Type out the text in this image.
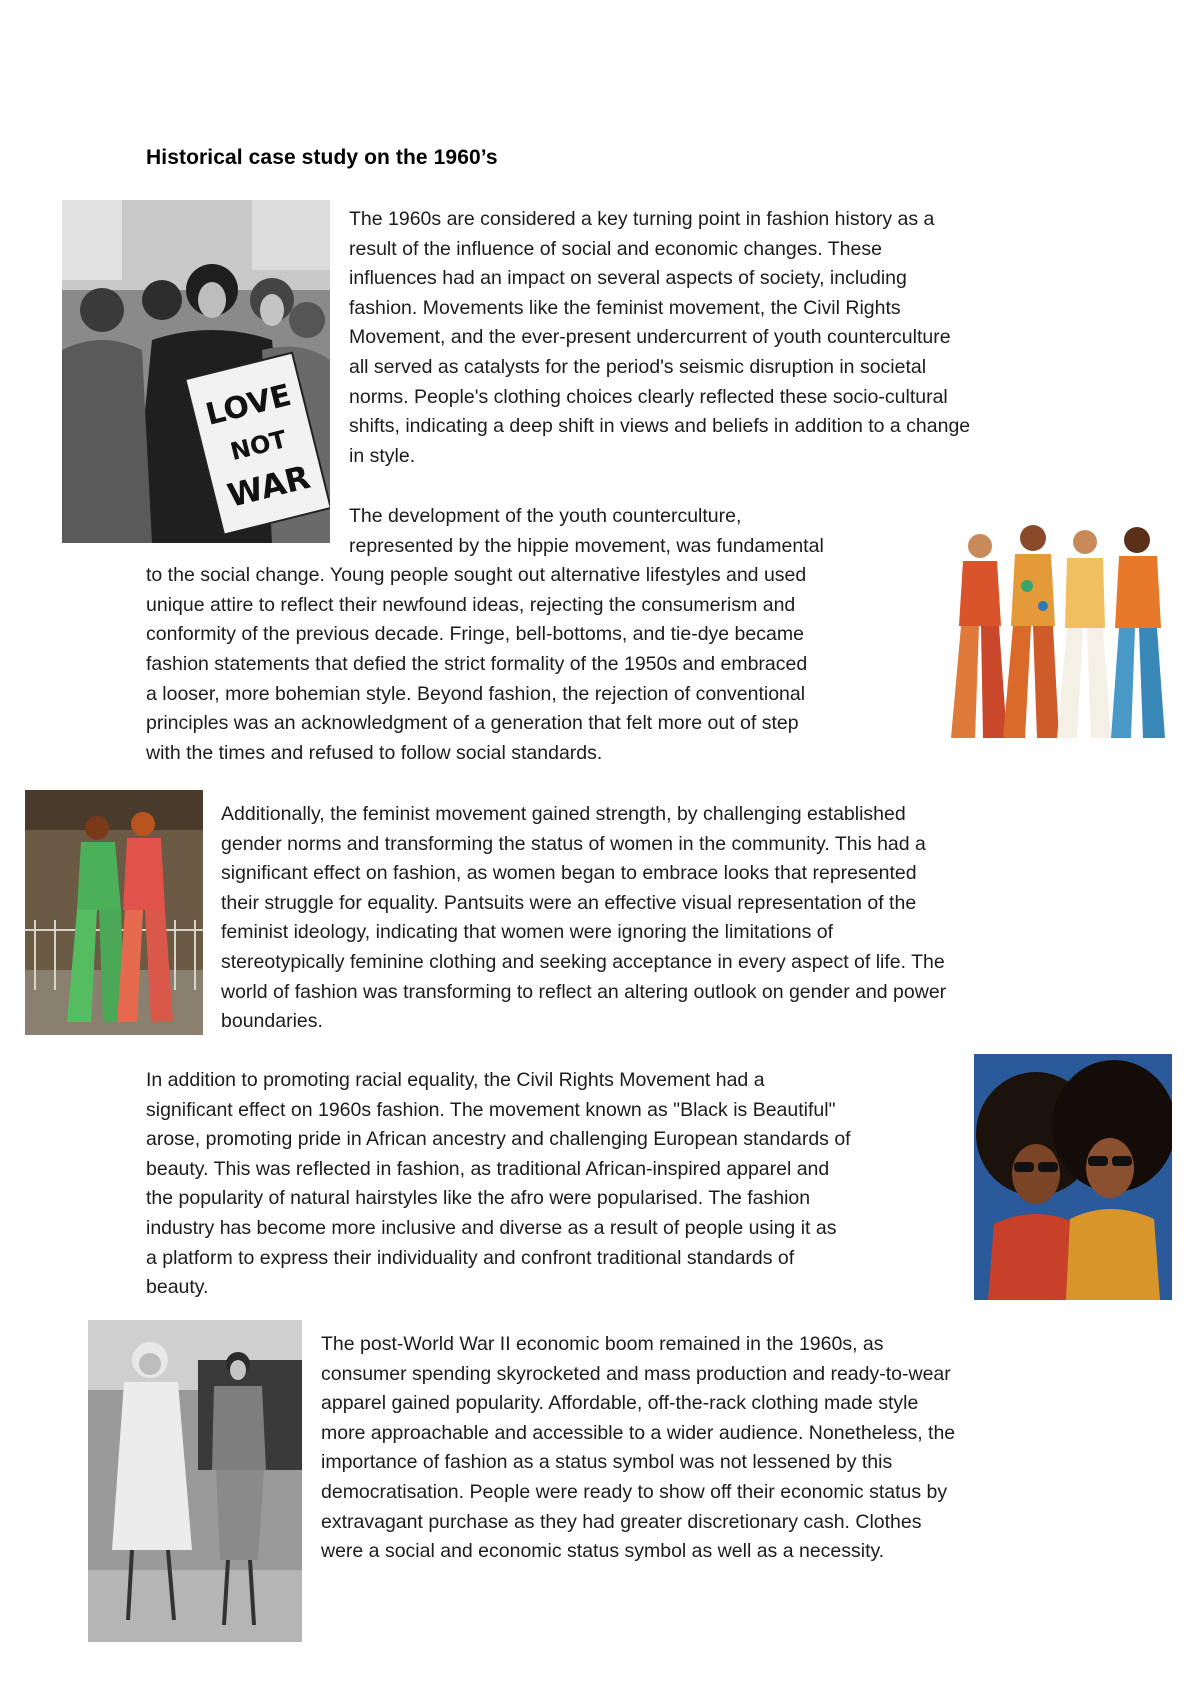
Historical case study on the 1960’s
LOVE
NOT
WAR

The 1960s are considered a key turning point in fashion history as a
result of the influence of social and economic changes. These
influences had an impact on several aspects of society, including
fashion. Movements like the feminist movement, the Civil Rights
Movement, and the ever-present undercurrent of youth counterculture
all served as catalysts for the period's seismic disruption in societal
norms. People's clothing choices clearly reflected these socio-cultural
shifts, indicating a deep shift in views and beliefs in addition to a change
in style.

The development of the youth counterculture,
represented by the hippie movement, was fundamental
to the social change. Young people sought out alternative lifestyles and used
unique attire to reflect their newfound ideas, rejecting the consumerism and
conformity of the previous decade. Fringe, bell-bottoms, and tie-dye became
fashion statements that defied the strict formality of the 1950s and embraced
a looser, more bohemian style. Beyond fashion, the rejection of conventional
principles was an acknowledgment of a generation that felt more out of step
with the times and refused to follow social standards.

Additionally, the feminist movement gained strength, by challenging established
gender norms and transforming the status of women in the community. This had a
significant effect on fashion, as women began to embrace looks that represented
their struggle for equality. Pantsuits were an effective visual representation of the
feminist ideology, indicating that women were ignoring the limitations of
stereotypically feminine clothing and seeking acceptance in every aspect of life. The
world of fashion was transforming to reflect an altering outlook on gender and power
boundaries.

In addition to promoting racial equality, the Civil Rights Movement had a
significant effect on 1960s fashion. The movement known as "Black is Beautiful"
arose, promoting pride in African ancestry and challenging European standards of
beauty. This was reflected in fashion, as traditional African-inspired apparel and
the popularity of natural hairstyles like the afro were popularised. The fashion
industry has become more inclusive and diverse as a result of people using it as
a platform to express their individuality and confront traditional standards of
beauty.

The post-World War II economic boom remained in the 1960s, as
consumer spending skyrocketed and mass production and ready-to-wear
apparel gained popularity. Affordable, off-the-rack clothing made style
more approachable and accessible to a wider audience. Nonetheless, the
importance of fashion as a status symbol was not lessened by this
democratisation. People were ready to show off their economic status by
extravagant purchase as they had greater discretionary cash. Clothes
were a social and economic status symbol as well as a necessity.
